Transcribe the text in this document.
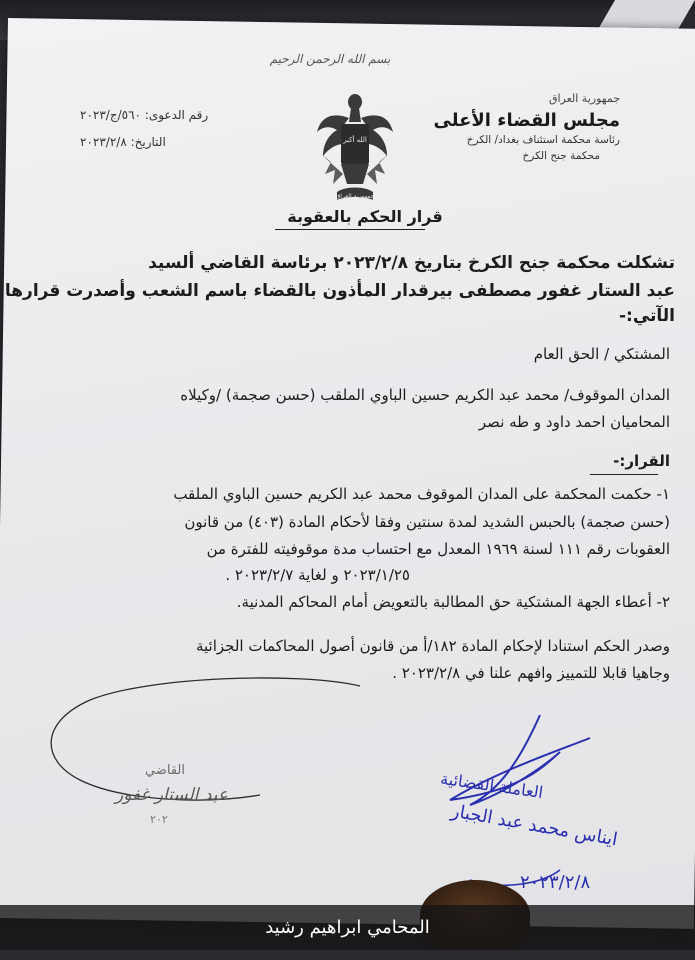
بسم الله الرحمن الرحيم
جمهورية العراق
مجلس القضاء الأعلى
رئاسة محكمة استئناف بغداد/ الكرخ
محكمة جنح الكرخ
رقم الدعوى: ٥٦٠/ج/٢٠٢٣
التاريخ: ٢٠٢٣/٢/٨	الله أكبر
جمهورية العراق
قرار الحكم بالعقوبة
تشكلت محكمة جنح الكرخ بتاريخ ٢٠٢٣/٢/٨ برئاسة القاضي ألسيد
عبد الستار غفور مصطفى بيرقدار المأذون بالقضاء باسم الشعب وأصدرت قرارها
الآتي:-
المشتكي / الحق العام
المدان الموقوف/ محمد عبد الكريم حسين الباوي الملقب (حسن صجمة) /وكيلاه
المحاميان احمد داود و طه نصر
القرار:-
١- حكمت المحكمة على المدان الموقوف محمد عبد الكريم حسين الباوي الملقب
(حسن صجمة) بالحبس الشديد لمدة سنتين وفقا لأحكام المادة (٤٠٣) من قانون
العقوبات رقم ١١١ لسنة ١٩٦٩ المعدل مع احتساب مدة موقوفيته للفترة من
٢٠٢٣/١/٢٥ و لغاية ٢٠٢٣/٢/٧ .
٢- أعطاء الجهة المشتكية حق المطالبة بالتعويض أمام المحاكم المدنية.
وصدر الحكم استنادا لإحكام المادة ١٨٢/أ من قانون أصول المحاكمات الجزائية
وجاهيا قابلا للتمييز وافهم علنا في ٢٠٢٣/٢/٨ .
القاضي
عبد الستار غفور
٢٠٢
العاملة القضائية
ايناس محمد عبد الجبار
٢٠٢٣/٢/٨
المحامي ابراهيم رشيد
